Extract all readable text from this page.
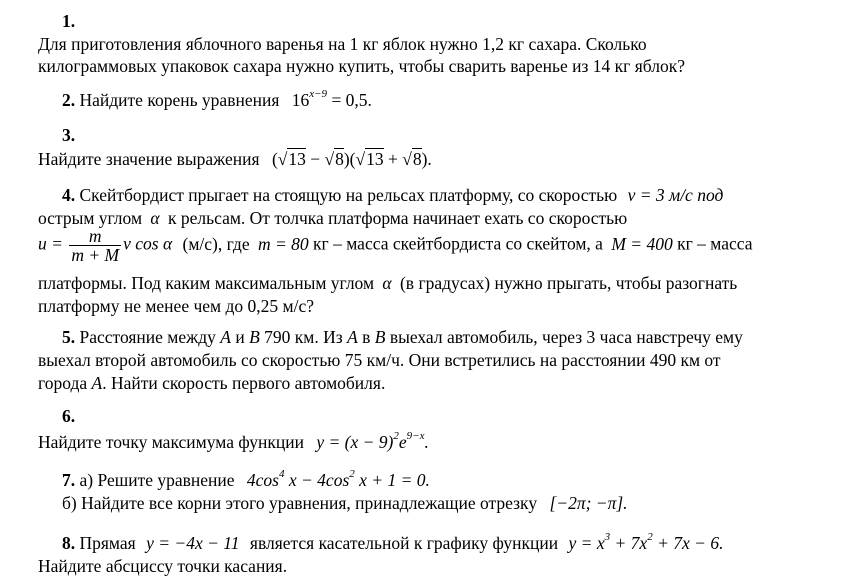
1.
Для приготовления яблочного варенья на 1 кг яблок нужно 1,2 кг сахара. Сколько
килограммовых упаковок сахара нужно купить, чтобы сварить варенье из 14 кг яблок?
2. Найдите корень уравнения $16^{x-9} = 0,5$.
3.
Найдите значение выражения (√13 − √8)(√13 + √8).
4. Скейтбордист прыгает на стоящую на рельсах платформу, со скоростью v = 3 м/с под
острым углом α к рельсам. От толчка платформа начинает ехать со скоростью
$u = \frac{m}{m + M}$ v cos α (м/с), где m = 80 кг – масса скейтбордиста со скейтом, а M = 400 кг – масса
платформы. Под каким максимальным углом α (в градусах) нужно прыгать, чтобы разогнать
платформу не менее чем до 0,25 м/с?
5. Расстояние между А и В 790 км. Из А в В выехал автомобиль, через 3 часа навстречу ему
выехал второй автомобиль со скоростью 75 км/ч. Они встретились на расстоянии 490 км от
города А. Найти скорость первого автомобиля.
6.
Найдите точку максимума функции $y = (x - 9)^2e^{9-x}$.
7. а) Решите уравнение $4\cos^4$ $x - 4\cos^2$ x + 1 = 0.
б) Найдите все корни этого уравнения, принадлежащие отрезку [−2π; −π].
8. Прямая y = −4x − 11 является касательной к графику функции $y = x^3 + 7x^2 + 7x - 6$.
Найдите абсциссу точки касания.
